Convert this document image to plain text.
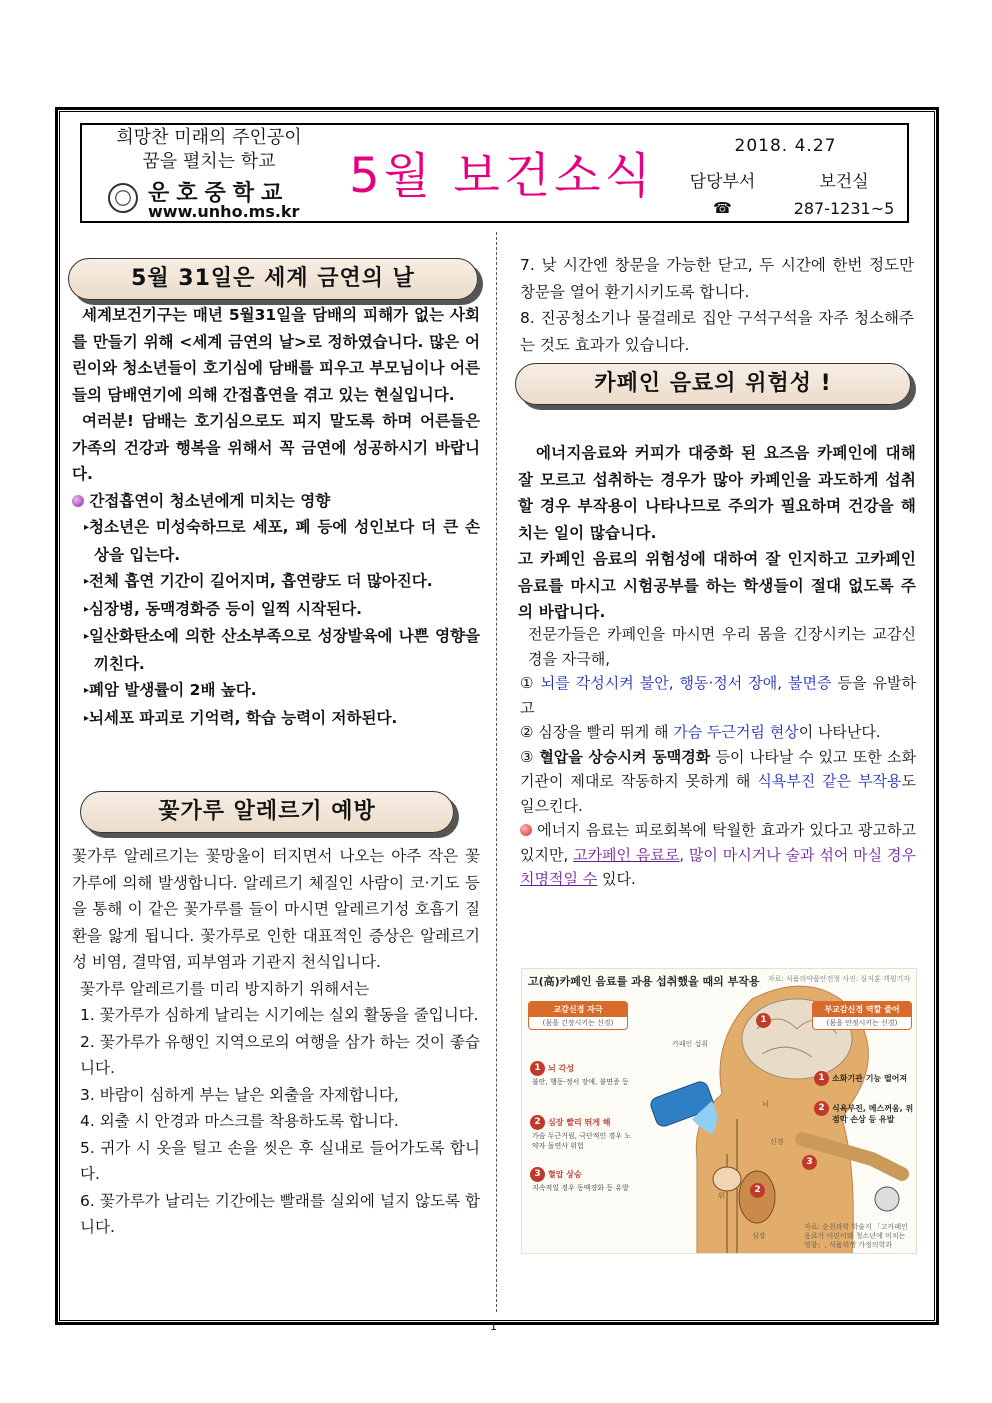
희망찬 미래의 주인공이
꿈을 펼치는 학교
운호중학교
www.unho.ms.kr
5월 보건소식
2018. 4.27
담당부서	보건실
☎	287-1231~5
5월 31일은 세계 금연의 날

세계보건기구는 매년 5월31일을 담배의 피해가 없는 사회를 만들기 위해 <세계 금연의 날>로 정하였습니다. 많은 어린이와 청소년들이 호기심에 담배를 피우고 부모님이나 어른들의 담배연기에 의해 간접흡연을 겪고 있는 현실입니다.

여러분! 담배는 호기심으로도 피지 말도록 하며 어른들은 가족의 건강과 행복을 위해서 꼭 금연에 성공하시기 바랍니다.

간접흡연이 청소년에게 미치는 영향

▸청소년은 미성숙하므로 세포, 폐 등에 성인보다 더 큰 손상을 입는다.

▸전체 흡연 기간이 길어지며, 흡연량도 더 많아진다.

▸심장병, 동맥경화증 등이 일찍 시작된다.

▸일산화탄소에 의한 산소부족으로 성장발육에 나쁜 영향을 끼친다.

▸폐암 발생률이 2배 높다.

▸뇌세포 파괴로 기억력, 학습 능력이 저하된다.

꽃가루 알레르기 예방

꽃가루 알레르기는 꽃망울이 터지면서 나오는 아주 작은 꽃가루에 의해 발생합니다. 알레르기 체질인 사람이 코·기도 등을 통해 이 같은 꽃가루를 들이 마시면 알레르기성 호흡기 질환을 앓게 됩니다. 꽃가루로 인한 대표적인 증상은 알레르기성 비염, 결막염, 피부염과 기관지 천식입니다.

꽃가루 알레르기를 미리 방지하기 위해서는

1. 꽃가루가 심하게 날리는 시기에는 실외 활동을 줄입니다.

2. 꽃가루가 유행인 지역으로의 여행을 삼가 하는 것이 좋습니다.

3. 바람이 심하게 부는 날은 외출을 자제합니다,

4. 외출 시 안경과 마스크를 착용하도록 합니다.

5. 귀가 시 옷을 털고 손을 씻은 후 실내로 들어가도록 합니다.

6. 꽃가루가 날리는 기간에는 빨래를 실외에 널지 않도록 합니다.

7. 낮 시간엔 창문을 가능한 닫고, 두 시간에 한번 정도만 창문을 열어 환기시키도록 합니다.

8. 진공청소기나 물걸레로 집안 구석구석을 자주 청소해주는 것도 효과가 있습니다.

카페인 음료의 위험성 !

에너지음료와 커피가 대중화 된 요즈음 카페인에 대해 잘 모르고 섭취하는 경우가 많아 카페인을 과도하게 섭취할 경우 부작용이 나타나므로 주의가 필요하며 건강을 해치는 일이 많습니다.

고 카페인 음료의 위험성에 대하여 잘 인지하고 고카페인 음료를 마시고 시험공부를 하는 학생들이 절대 없도록 주의 바랍니다.

전문가들은 카페인을 마시면 우리 몸을 긴장시키는 교감신경을 자극해,

① 뇌를 각성시켜 불안, 행동·정서 장애, 불면증 등을 유발하고

② 심장을 빨리 뛰게 해 가슴 두근거림 현상이 나타난다.

③ 혈압을 상승시켜 동맥경화 등이 나타날 수 있고 또한 소화기관이 제대로 작동하지 못하게 해 식욕부진 같은 부작용도 일으킨다.

에너지 음료는 피로회복에 탁월한 효과가 있다고 광고하고 있지만, 고카페인 음료로, 많이 마시거나 술과 섞어 마실 경우 치명적일 수 있다.

고(高)카페인 음료를 과용 섭취했을 때의 부작용 자료: 식품의약품안전청 사진: 심지훈 객원기자
교감신경 자극
(몸을 긴장시키는 신경)
부교감신경 역할 줄어
(몸을 안정시키는 신경)
카페인 섭취
뇌
신경
위
심장
1 뇌 각성
불안, 행동·정서 장애, 불면증 등
2 심장 빨리 뛰게 해
가슴 두근거림, 극단적인 경우 노약자 돌연사 위험
3 혈압 상승
지속적일 경우 동맥경화 등 유발
1
2
3
1 소화기관 기능 떨어져
2 식욕부진, 메스꺼움, 위 점막 손상 등 유발
자료: 순천과학 학술지 「고카페인 음료가 어린이와 청소년에 미치는 영향」, 식품위생 가정의학과
1
